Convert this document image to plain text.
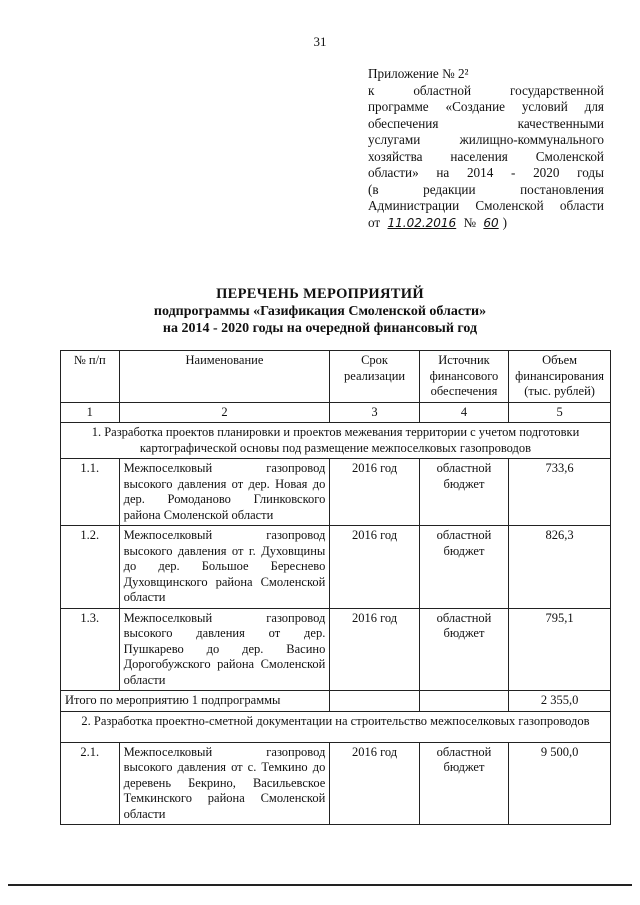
31
Приложение № 2²
к областной государственной
программе «Создание условий для
обеспечения качественными
услугами жилищно-коммунального
хозяйства населения Смоленской
области» на 2014 - 2020 годы
(в редакции постановления
Администрации Смоленской области
от 11.02.2016 № 60 )
ПЕРЕЧЕНЬ МЕРОПРИЯТИЙ
подпрограммы «Газификация Смоленской области»
на 2014 - 2020 годы на очередной финансовый год
№ п/п	Наименование	Срок реализации	Источник финансового обеспечения	Объем финансирования (тыс. рублей)
1	2	3	4	5
1. Разработка проектов планировки и проектов межевания территории с учетом подготовки картографической основы под размещение межпоселковых газопроводов				
1.1.	Межпоселковый газопровод высокого давления от дер. Новая до дер. Ромоданово Глинковского района Смоленской области	2016 год	областной бюджет	733,6
1.2.	Межпоселковый газопровод высокого давления от г. Духовщины до дер. Большое Береснево Духовщинского района Смоленской области	2016 год	областной бюджет	826,3
1.3.	Межпоселковый газопровод высокого давления от дер. Пушкарево до дер. Васино Дорогобужского района Смоленской области	2016 год	областной бюджет	795,1
Итого по мероприятию 1 подпрограммы				2 355,0
2. Разработка проектно-сметной документации на строительство межпоселковых газопроводов				
2.1.	Межпоселковый газопровод высокого давления от с. Темкино до деревень Бекрино, Васильевское Темкинского района Смоленской области	2016 год	областной бюджет	9 500,0
